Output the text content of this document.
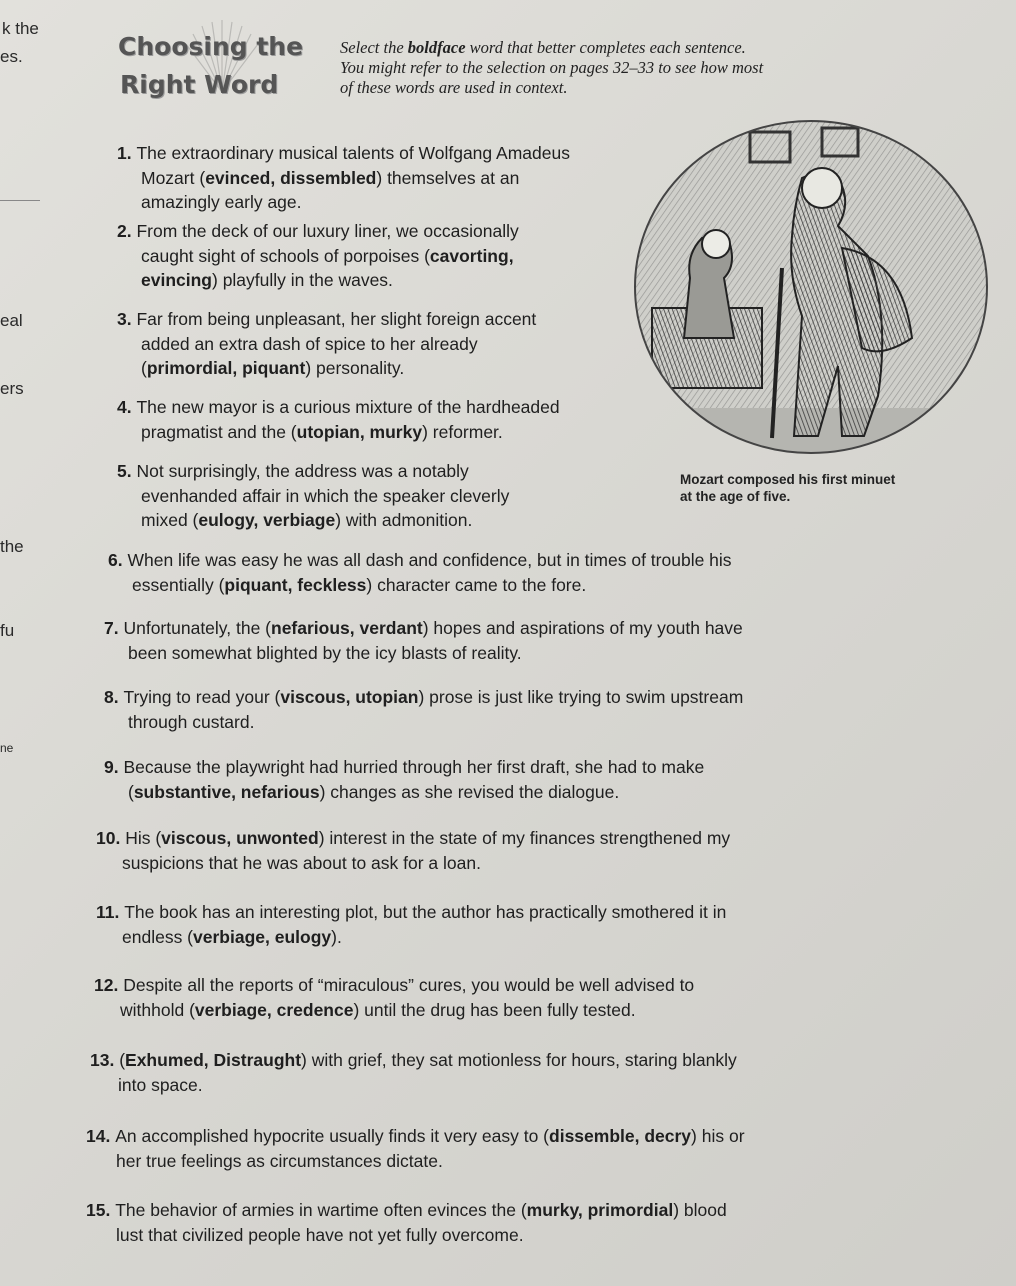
k the
es.
eal
ers
the
fu
ne
Choosing the
Right Word
Select the boldface word that better completes each sentence.
You might refer to the selection on pages 32–33 to see how most
of these words are used in context.
Mozart composed his first minuet
at the age of five.
1. The extraordinary musical talents of Wolfgang Amadeus
Mozart (evinced, dissembled) themselves at an
amazingly early age.
2. From the deck of our luxury liner, we occasionally
caught sight of schools of porpoises (cavorting,
evincing) playfully in the waves.
3. Far from being unpleasant, her slight foreign accent
added an extra dash of spice to her already
(primordial, piquant) personality.
4. The new mayor is a curious mixture of the hardheaded
pragmatist and the (utopian, murky) reformer.
5. Not surprisingly, the address was a notably
evenhanded affair in which the speaker cleverly
mixed (eulogy, verbiage) with admonition.
6. When life was easy he was all dash and confidence, but in times of trouble his
essentially (piquant, feckless) character came to the fore.
7. Unfortunately, the (nefarious, verdant) hopes and aspirations of my youth have
been somewhat blighted by the icy blasts of reality.
8. Trying to read your (viscous, utopian) prose is just like trying to swim upstream
through custard.
9. Because the playwright had hurried through her first draft, she had to make
(substantive, nefarious) changes as she revised the dialogue.
10. His (viscous, unwonted) interest in the state of my finances strengthened my
suspicions that he was about to ask for a loan.
11. The book has an interesting plot, but the author has practically smothered it in
endless (verbiage, eulogy).
12. Despite all the reports of “miraculous” cures, you would be well advised to
withhold (verbiage, credence) until the drug has been fully tested.
13. (Exhumed, Distraught) with grief, they sat motionless for hours, staring blankly
into space.
14. An accomplished hypocrite usually finds it very easy to (dissemble, decry) his or
her true feelings as circumstances dictate.
15. The behavior of armies in wartime often evinces the (murky, primordial) blood
lust that civilized people have not yet fully overcome.
